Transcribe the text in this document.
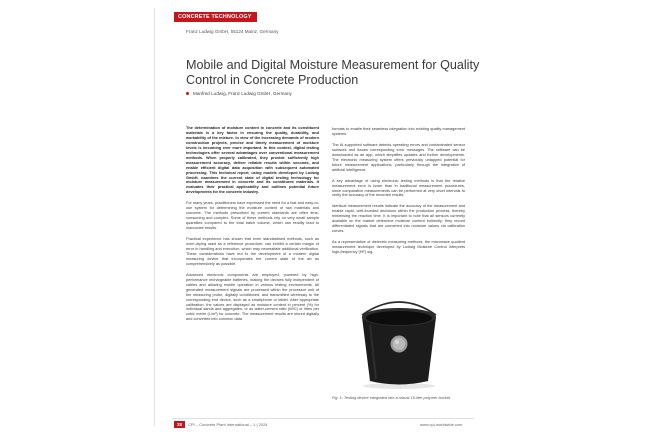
CONCRETE TECHNOLOGY
Franz Ludwig GmbH, 55124 Mainz, Germany
Mobile and Digital Moisture Measurement for Quality Control in Concrete Production
Manfred Ludwig, Franz Ludwig GmbH, Germany

The determination of moisture content in concrete and its constituent materials is a key factor in ensuring the quality, durability, and workability of the mixture. In view of the increasing demands of modern construction projects, precise and timely measurement of moisture levels is becoming ever more important. In this context, digital testing technologies offer several advantages over conventional measurement methods. When properly calibrated, they provide sufficiently high measurement accuracy, deliver reliable results within seconds, and enable efficient digital data acquisition with subsequent automated processing. This technical report, using models developed by Ludwig GmbH, examines the current state of digital testing technology for moisture measurement in concrete and its constituent materials. It evaluates their practical applicability and outlines potential future developments for the concrete industry.

For many years, practitioners have expressed the need for a fast and easy-to-use system for determining the moisture content of raw materials and concrete. The methods prescribed by current standards are often time-consuming and complex. Some of these methods rely on very small sample quantities compared to the total batch volume, which can readily lead to inaccurate results.

Practical experience has shown that even standardised methods, such as oven-drying used as a reference procedure, can exhibit a certain margin of error in handling and execution, which may necessitate additional verification. These considerations have led to the development of a modern digital measuring device that incorporates the current state of the art as comprehensively as possible.

Advanced electronic components are employed, powered by high-performance rechargeable batteries, making the devices fully independent of cables and allowing mobile operation in various testing environments. All generated measurement signals are processed within the processor unit of the measuring probe, digitally conditioned, and transmitted wirelessly to the corresponding end device, such as a smartphone or tablet. After appropriate calibration, the values are displayed as moisture content in percent (%) for individual sands and aggregates, or as water-cement ratio (W/C) or litres per cubic metre (L/m³) for concrete. The measurement results are stored digitally and converted into common data

formats to enable their seamless integration into existing quality management systems.

The AI-supported software detects operating errors and contaminated sensor surfaces and issues corresponding error messages. The software can be downloaded as an app, which simplifies updates and further developments. The electronic measuring system offers previously untapped potential for future measurement applications, particularly through the integration of artificial intelligence.

A key advantage of using electronic testing methods is that the relative measurement error is lower than in traditional measurement procedures, since comparative measurements can be performed at very short intervals to verify the accuracy of the recorded results.

Identical measurement results indicate the accuracy of the measurement and enable rapid, well-founded decisions within the production process, thereby minimising the reaction time. It is important to note that all sensors currently available on the market determine moisture content indirectly; they record differentiated signals that are converted into moisture values via calibration curves.

As a representative of dielectric measuring methods, the microwave quotient measurement technique developed by Ludwig Moisture Control interprets high-frequency (HF) sig-

Fig. 1: Testing device integrated into a robust 15-liter polymer bucket
28	CPI – Concrete Plant International – 1 | 2024	www.cpi-worldwide.com
